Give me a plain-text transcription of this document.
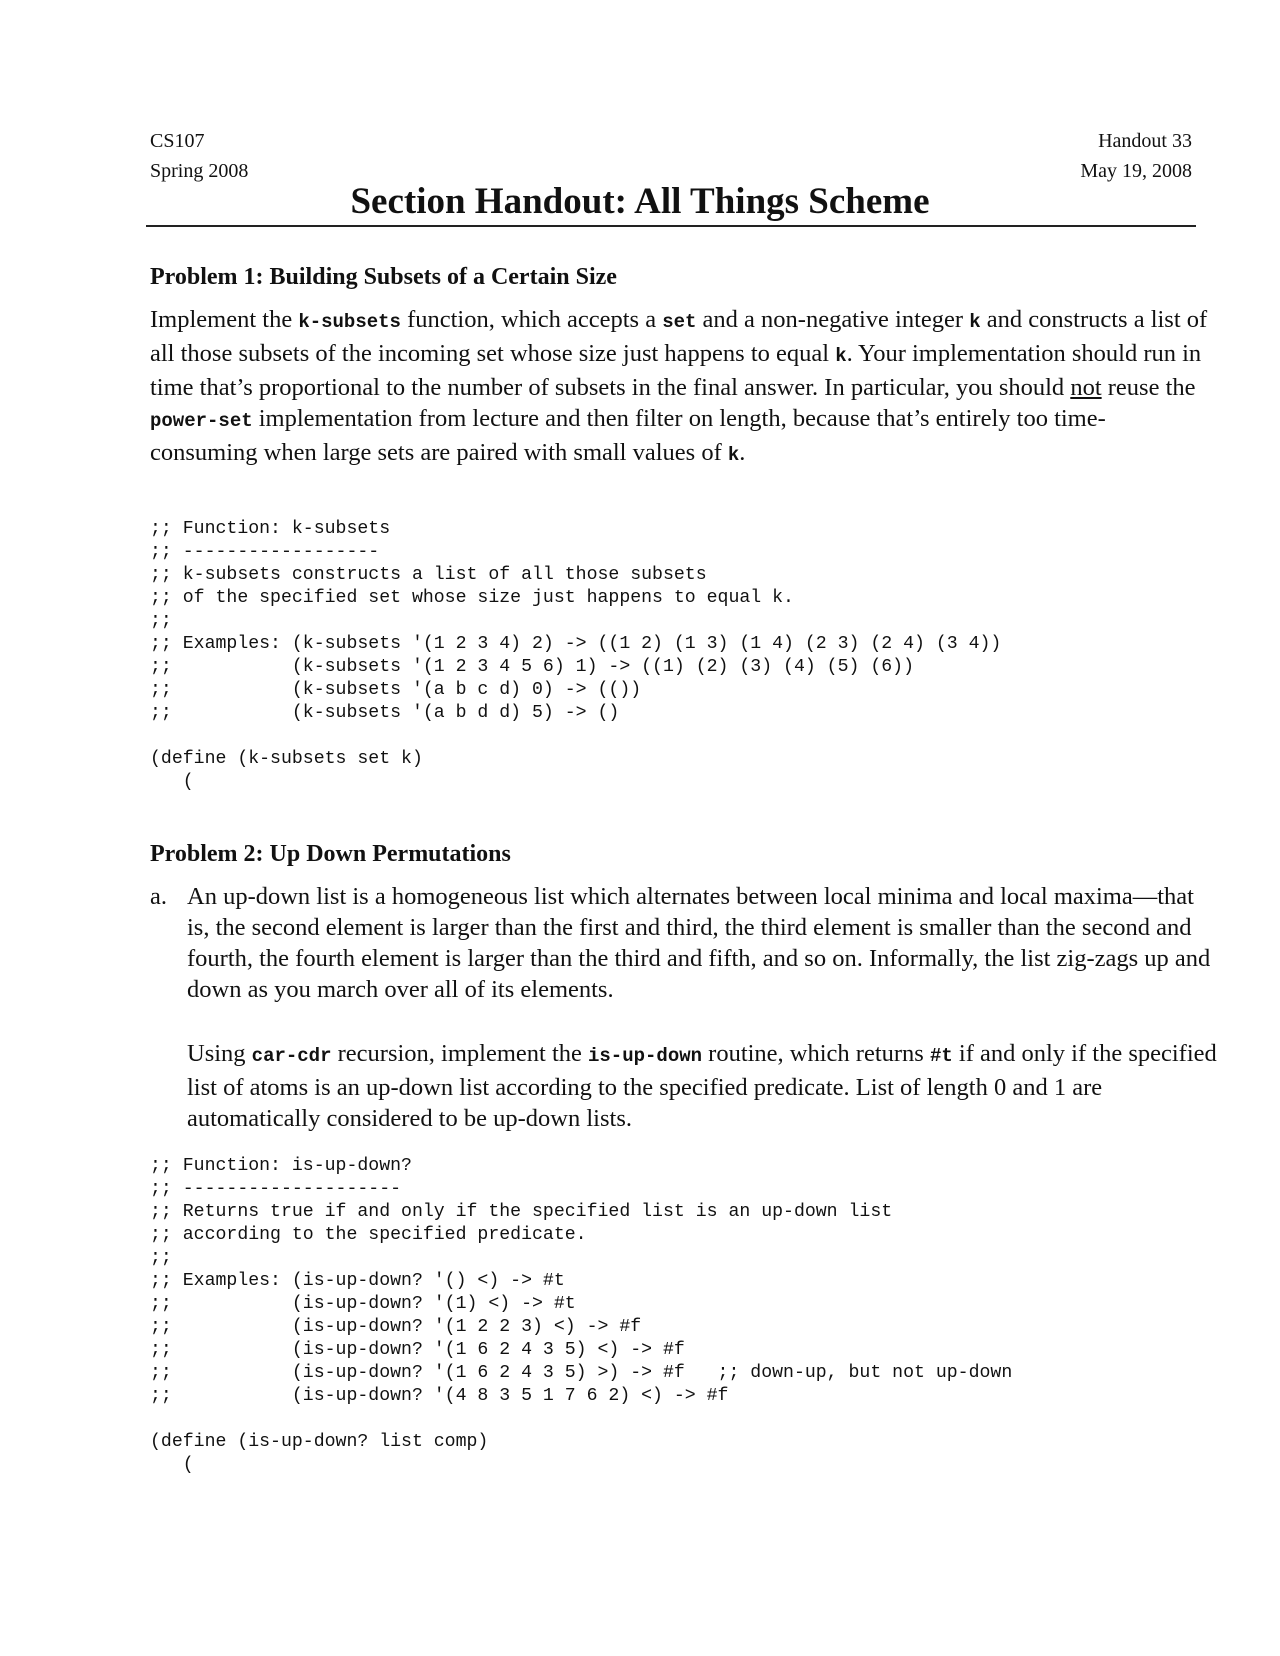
CS107
Spring 2008
Handout 33
May 19, 2008
Section Handout: All Things Scheme
Problem 1: Building Subsets of a Certain Size
Implement the k-subsets function, which accepts a set and a non-negative integer k and constructs a list of all those subsets of the incoming set whose size just happens to equal k. Your implementation should run in time that’s proportional to the number of subsets in the final answer. In particular, you should not reuse the power-set implementation from lecture and then filter on length, because that’s entirely too time-consuming when large sets are paired with small values of k.
;; Function: k-subsets
;; ------------------
;; k-subsets constructs a list of all those subsets
;; of the specified set whose size just happens to equal k.
;;
;; Examples: (k-subsets '(1 2 3 4) 2) -> ((1 2) (1 3) (1 4) (2 3) (2 4) (3 4))
;;           (k-subsets '(1 2 3 4 5 6) 1) -> ((1) (2) (3) (4) (5) (6))
;;           (k-subsets '(a b c d) 0) -> (())
;;           (k-subsets '(a b d d) 5) -> ()
(define (k-subsets set k)
(
Problem 2: Up Down Permutations
a. An up-down list is a homogeneous list which alternates between local minima and local maxima—that is, the second element is larger than the first and third, the third element is smaller than the second and fourth, the fourth element is larger than the third and fifth, and so on. Informally, the list zig-zags up and down as you march over all of its elements.
Using car-cdr recursion, implement the is-up-down routine, which returns #t if and only if the specified list of atoms is an up-down list according to the specified predicate. List of length 0 and 1 are automatically considered to be up-down lists.
;; Function: is-up-down?
;; --------------------
;; Returns true if and only if the specified list is an up-down list
;; according to the specified predicate.
;;
;; Examples: (is-up-down? '() <) -> #t
;;           (is-up-down? '(1) <) -> #t
;;           (is-up-down? '(1 2 2 3) <) -> #f
;;           (is-up-down? '(1 6 2 4 3 5) <) -> #f
;;           (is-up-down? '(1 6 2 4 3 5) >) -> #f   ;; down-up, but not up-down
;;           (is-up-down? '(4 8 3 5 1 7 6 2) <) -> #f
(define (is-up-down? list comp)
(
